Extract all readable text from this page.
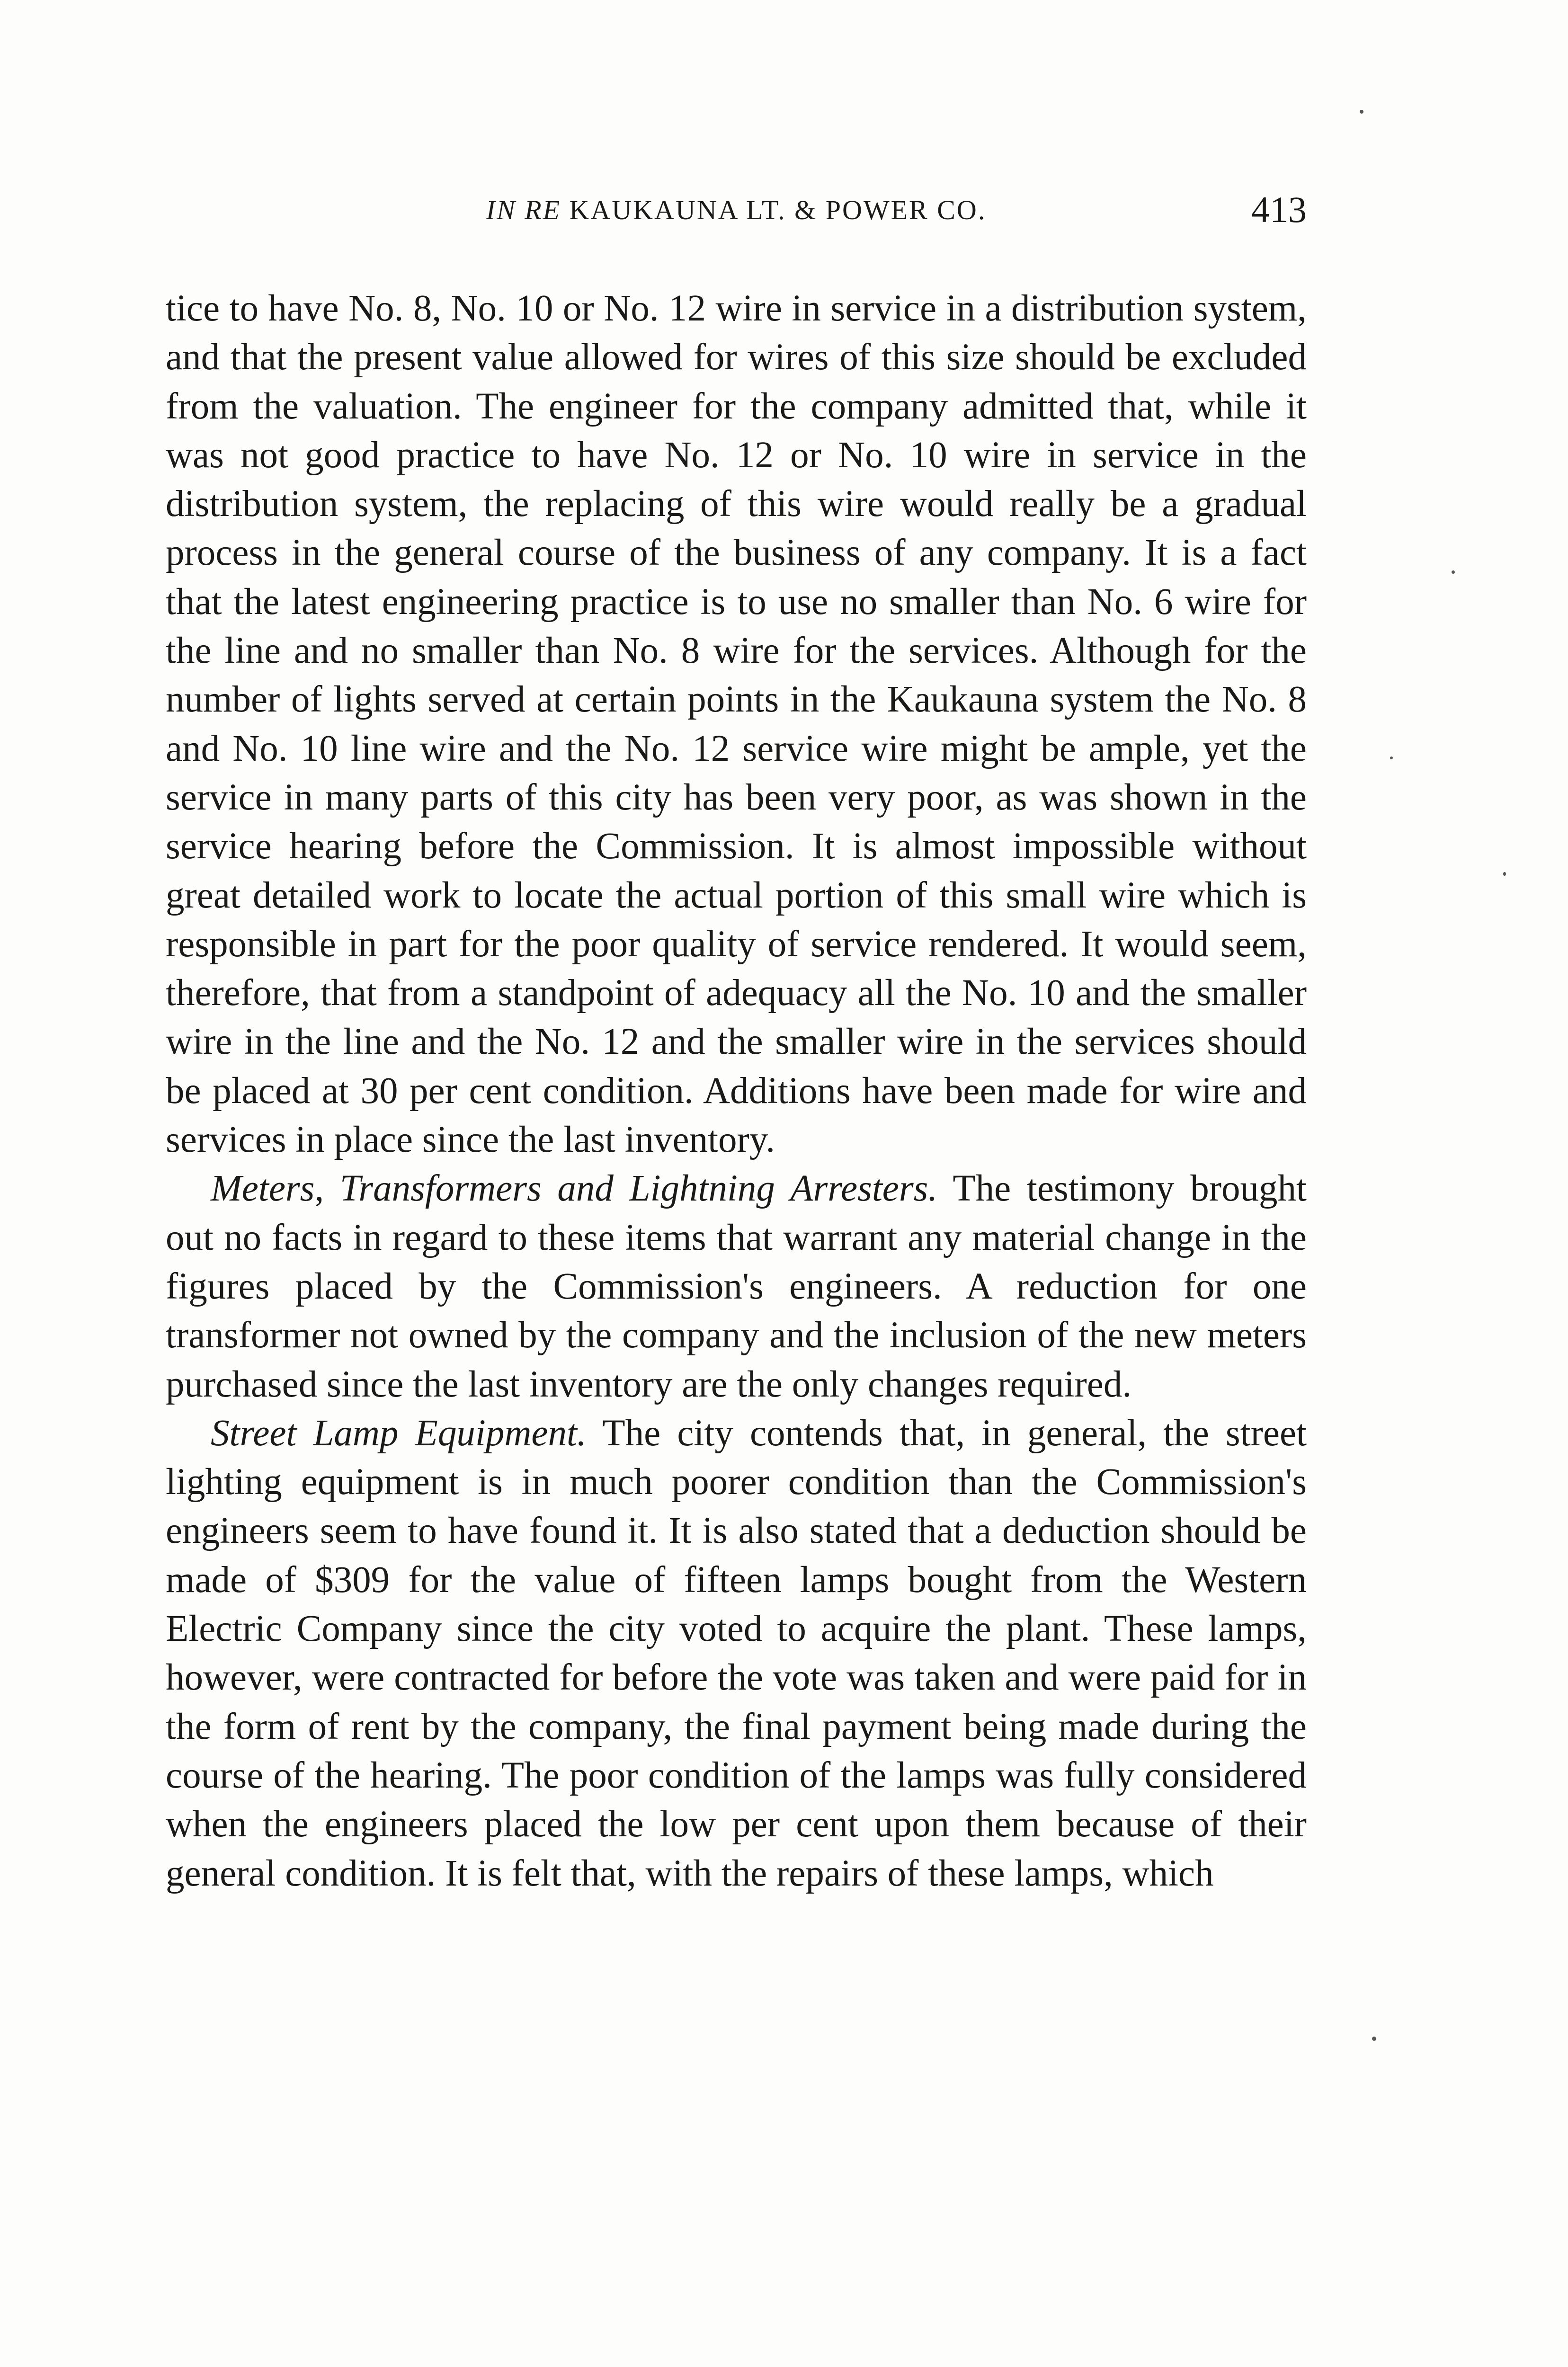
IN RE KAUKAUNA LT. & POWER CO.	413

tice to have No. 8, No. 10 or No. 12 wire in service in a distribution system, and that the present value allowed for wires of this size should be excluded from the valuation. The engineer for the company admitted that, while it was not good practice to have No. 12 or No. 10 wire in service in the distribution system, the replacing of this wire would really be a gradual process in the general course of the business of any company. It is a fact that the latest engineering practice is to use no smaller than No. 6 wire for the line and no smaller than No. 8 wire for the services. Although for the number of lights served at certain points in the Kaukauna system the No. 8 and No. 10 line wire and the No. 12 service wire might be ample, yet the service in many parts of this city has been very poor, as was shown in the service hearing before the Commission. It is almost impossible without great detailed work to locate the actual portion of this small wire which is responsible in part for the poor quality of service rendered. It would seem, therefore, that from a standpoint of adequacy all the No. 10 and the smaller wire in the line and the No. 12 and the smaller wire in the services should be placed at 30 per cent condition. Additions have been made for wire and services in place since the last inventory.

Meters, Transformers and Lightning Arresters. The testimony brought out no facts in regard to these items that warrant any material change in the figures placed by the Commission's engineers. A reduction for one transformer not owned by the company and the inclusion of the new meters purchased since the last inventory are the only changes required.

Street Lamp Equipment. The city contends that, in general, the street lighting equipment is in much poorer condition than the Commission's engineers seem to have found it. It is also stated that a deduction should be made of $309 for the value of fifteen lamps bought from the Western Electric Company since the city voted to acquire the plant. These lamps, however, were contracted for before the vote was taken and were paid for in the form of rent by the company, the final payment being made during the course of the hearing. The poor condition of the lamps was fully considered when the engineers placed the low per cent upon them because of their general condition. It is felt that, with the repairs of these lamps, which
